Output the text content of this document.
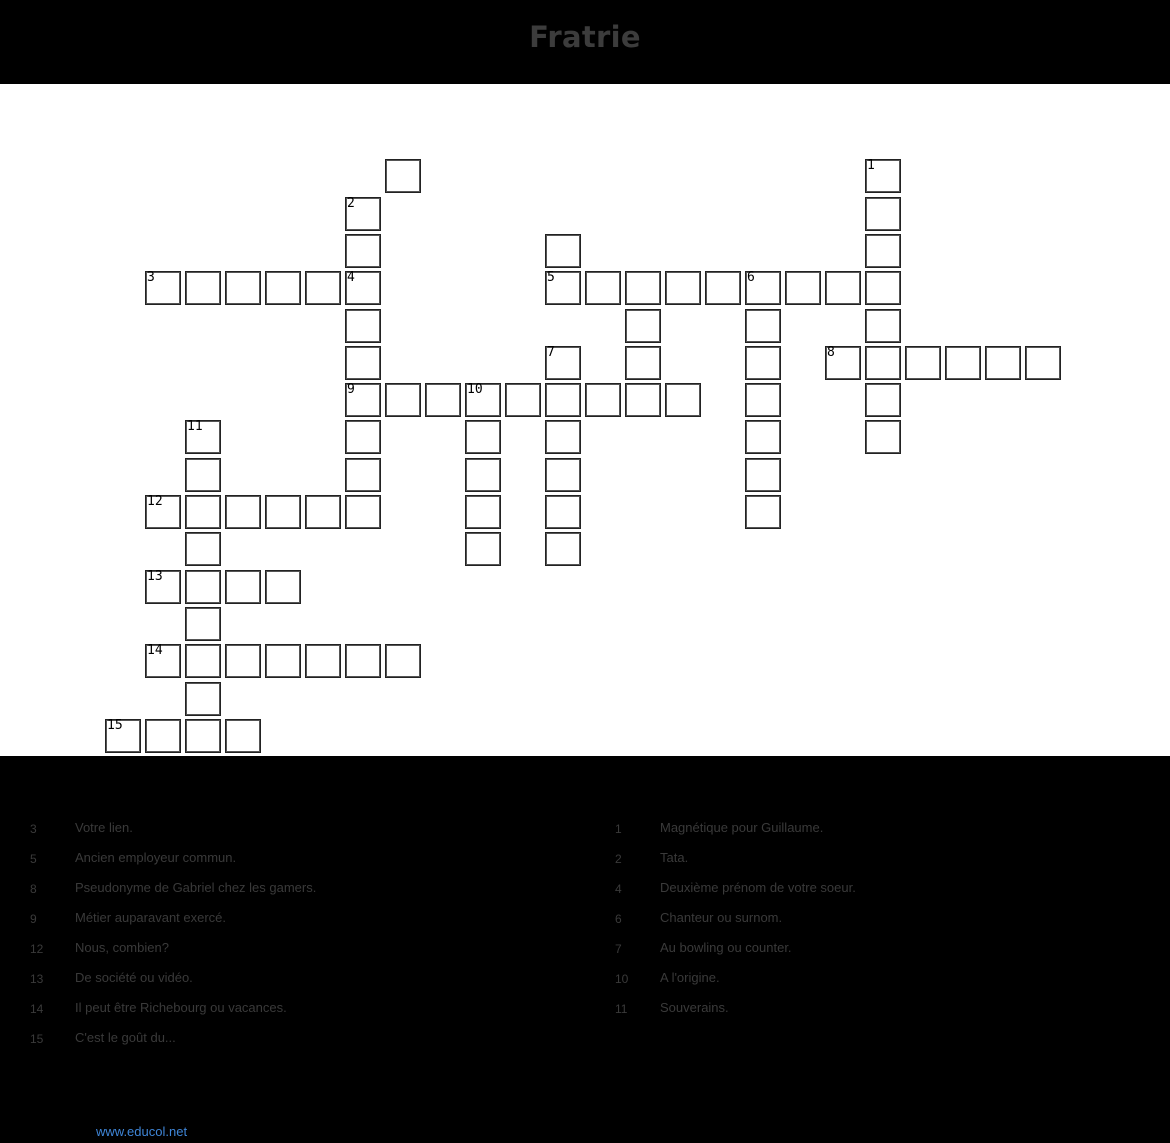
Fratrie
2
3	4	5	6
1
7	8
9	10
11
12
13
14
15
3	Votre lien.
5	Ancien employeur commun.
8	Pseudonyme de Gabriel chez les gamers.
9	Métier auparavant exercé.
12 Nous, combien?
13 De société ou vidéo.
14 Il peut être Richebourg ou vacances.
15 C'est le goût du...
1	Magnétique pour Guillaume.
2	Tata.
4	Deuxième prénom de votre soeur.
6	Chanteur ou surnom.
7	Au bowling ou counter.
10 A l'origine.
11	Souverains.
www.educol.net
